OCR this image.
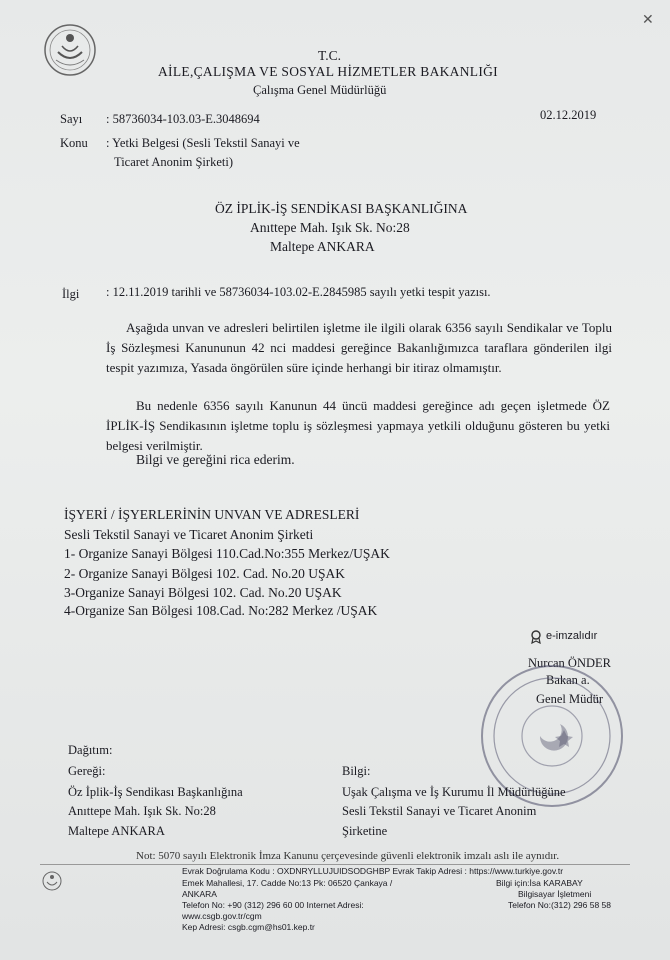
✕
T.C.
AİLE,ÇALIŞMA VE SOSYAL HİZMETLER BAKANLIĞI
Çalışma Genel Müdürlüğü
Sayı : 58736034-103.03-E.3048694	02.12.2019
Konu : Yetki Belgesi (Sesli Tekstil Sanayi ve
Ticaret Anonim Şirketi)
ÖZ İPLİK-İŞ SENDİKASI BAŞKANLIĞINA
Anıttepe Mah. Işık Sk. No:28
Maltepe ANKARA
İlgi : 12.11.2019 tarihli ve 58736034-103.02-E.2845985 sayılı yetki tespit yazısı.
Aşağıda unvan ve adresleri belirtilen işletme ile ilgili olarak 6356 sayılı Sendikalar ve Toplu İş Sözleşmesi Kanununun 42 nci maddesi gereğince Bakanlığımızca taraflara gönderilen ilgi tespit yazımıza, Yasada öngörülen süre içinde herhangi bir itiraz olmamıştır.
Bu nedenle 6356 sayılı Kanunun 44 üncü maddesi gereğince adı geçen işletmede ÖZ İPLİK-İŞ Sendikasının işletme toplu iş sözleşmesi yapmaya yetkili olduğunu gösteren bu yetki belgesi verilmiştir.
Bilgi ve gereğini rica ederim.
İŞYERİ / İŞYERLERİNİN UNVAN VE ADRESLERİ
Sesli Tekstil Sanayi ve Ticaret Anonim Şirketi
1- Organize Sanayi Bölgesi 110.Cad.No:355 Merkez/UŞAK
2- Organize Sanayi Bölgesi 102. Cad. No.20 UŞAK
3-Organize Sanayi Bölgesi 102. Cad. No.20 UŞAK
4-Organize San Bölgesi 108.Cad. No:282 Merkez /UŞAK
e-imzalıdır
Nurcan ÖNDER
Bakan a.
Genel Müdür
Dağıtım:
Gereği:
Öz İplik-İş Sendikası Başkanlığına
Anıttepe Mah. Işık Sk. No:28
Maltepe ANKARA
Bilgi:
Uşak Çalışma ve İş Kurumu İl Müdürlüğüne
Sesli Tekstil Sanayi ve Ticaret Anonim
Şirketine
Not: 5070 sayılı Elektronik İmza Kanunu çerçevesinde güvenli elektronik imzalı aslı ile aynıdır.
Evrak Doğrulama Kodu : OXDNRYLLUJUIDSODGHBP Evrak Takip Adresi : https://www.turkiye.gov.tr
Emek Mahallesi, 17. Cadde No:13 Pk: 06520 Çankaya /
ANKARA
Telefon No: +90 (312) 296 60 00 Internet Adresi:
www.csgb.gov.tr/cgm
Kep Adresi: csgb.cgm@hs01.kep.tr
Bilgi için:İsa KARABAY
Bilgisayar İşletmeni
Telefon No:(312) 296 58 58
